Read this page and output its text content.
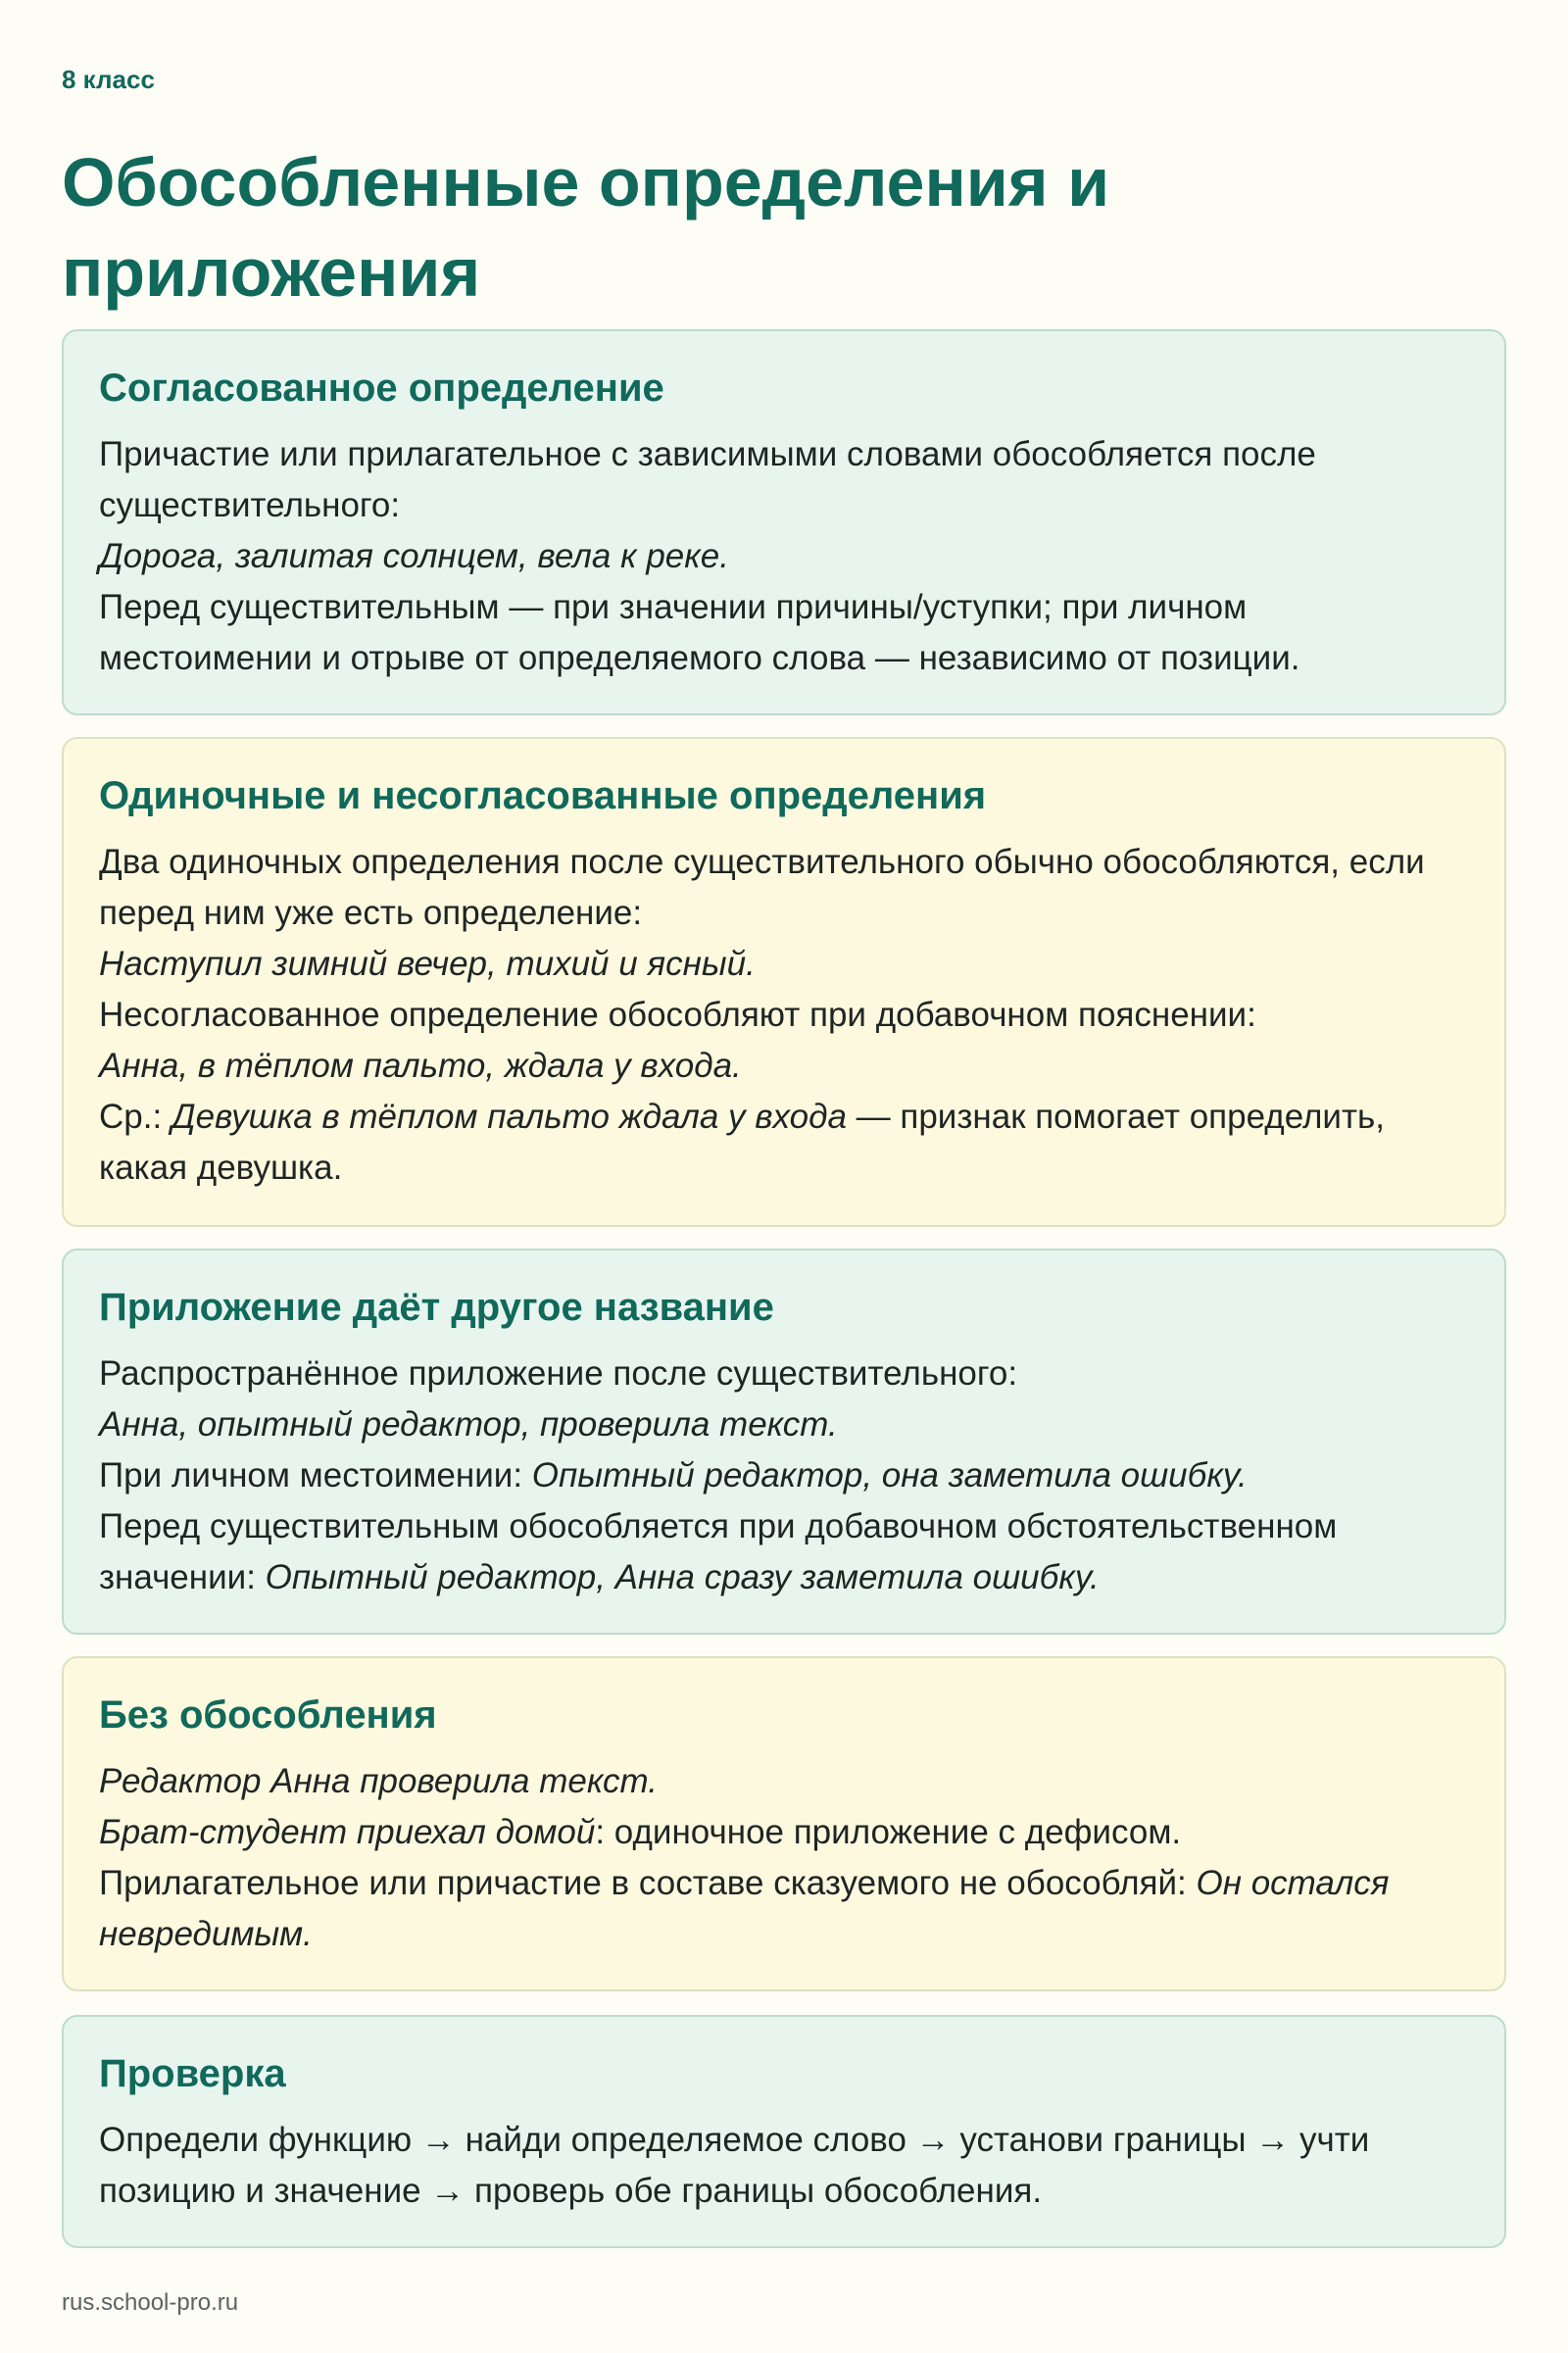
8 класс

Обособленные определения и приложения
Согласованное определение

Причастие или прилагательное с зависимыми словами обособляется после существительного:

Дорога, залитая солнцем, вела к реке.

Перед существительным — при значении причины/уступки; при личном местоимении и отрыве от определяемого слова — независимо от позиции.

Одиночные и несогласованные определения

Два одиночных определения после существительного обычно обособляются, если перед ним уже есть определение:

Наступил зимний вечер, тихий и ясный.

Несогласованное определение обособляют при добавочном пояснении:

Анна, в тёплом пальто, ждала у входа.

Ср.: Девушка в тёплом пальто ждала у входа — признак помогает определить, какая девушка.

Приложение даёт другое название

Распространённое приложение после существительного:

Анна, опытный редактор, проверила текст.

При личном местоимении: Опытный редактор, она заметила ошибку.

Перед существительным обособляется при добавочном обстоятельственном значении: Опытный редактор, Анна сразу заметила ошибку.

Без обособления

Редактор Анна проверила текст.

Брат-студент приехал домой: одиночное приложение с дефисом.

Прилагательное или причастие в составе сказуемого не обособляй: Он остался невредимым.

Проверка

Определи функцию → найди определяемое слово → установи границы → учти позицию и значение → проверь обе границы обособления.

rus.school-pro.ru
